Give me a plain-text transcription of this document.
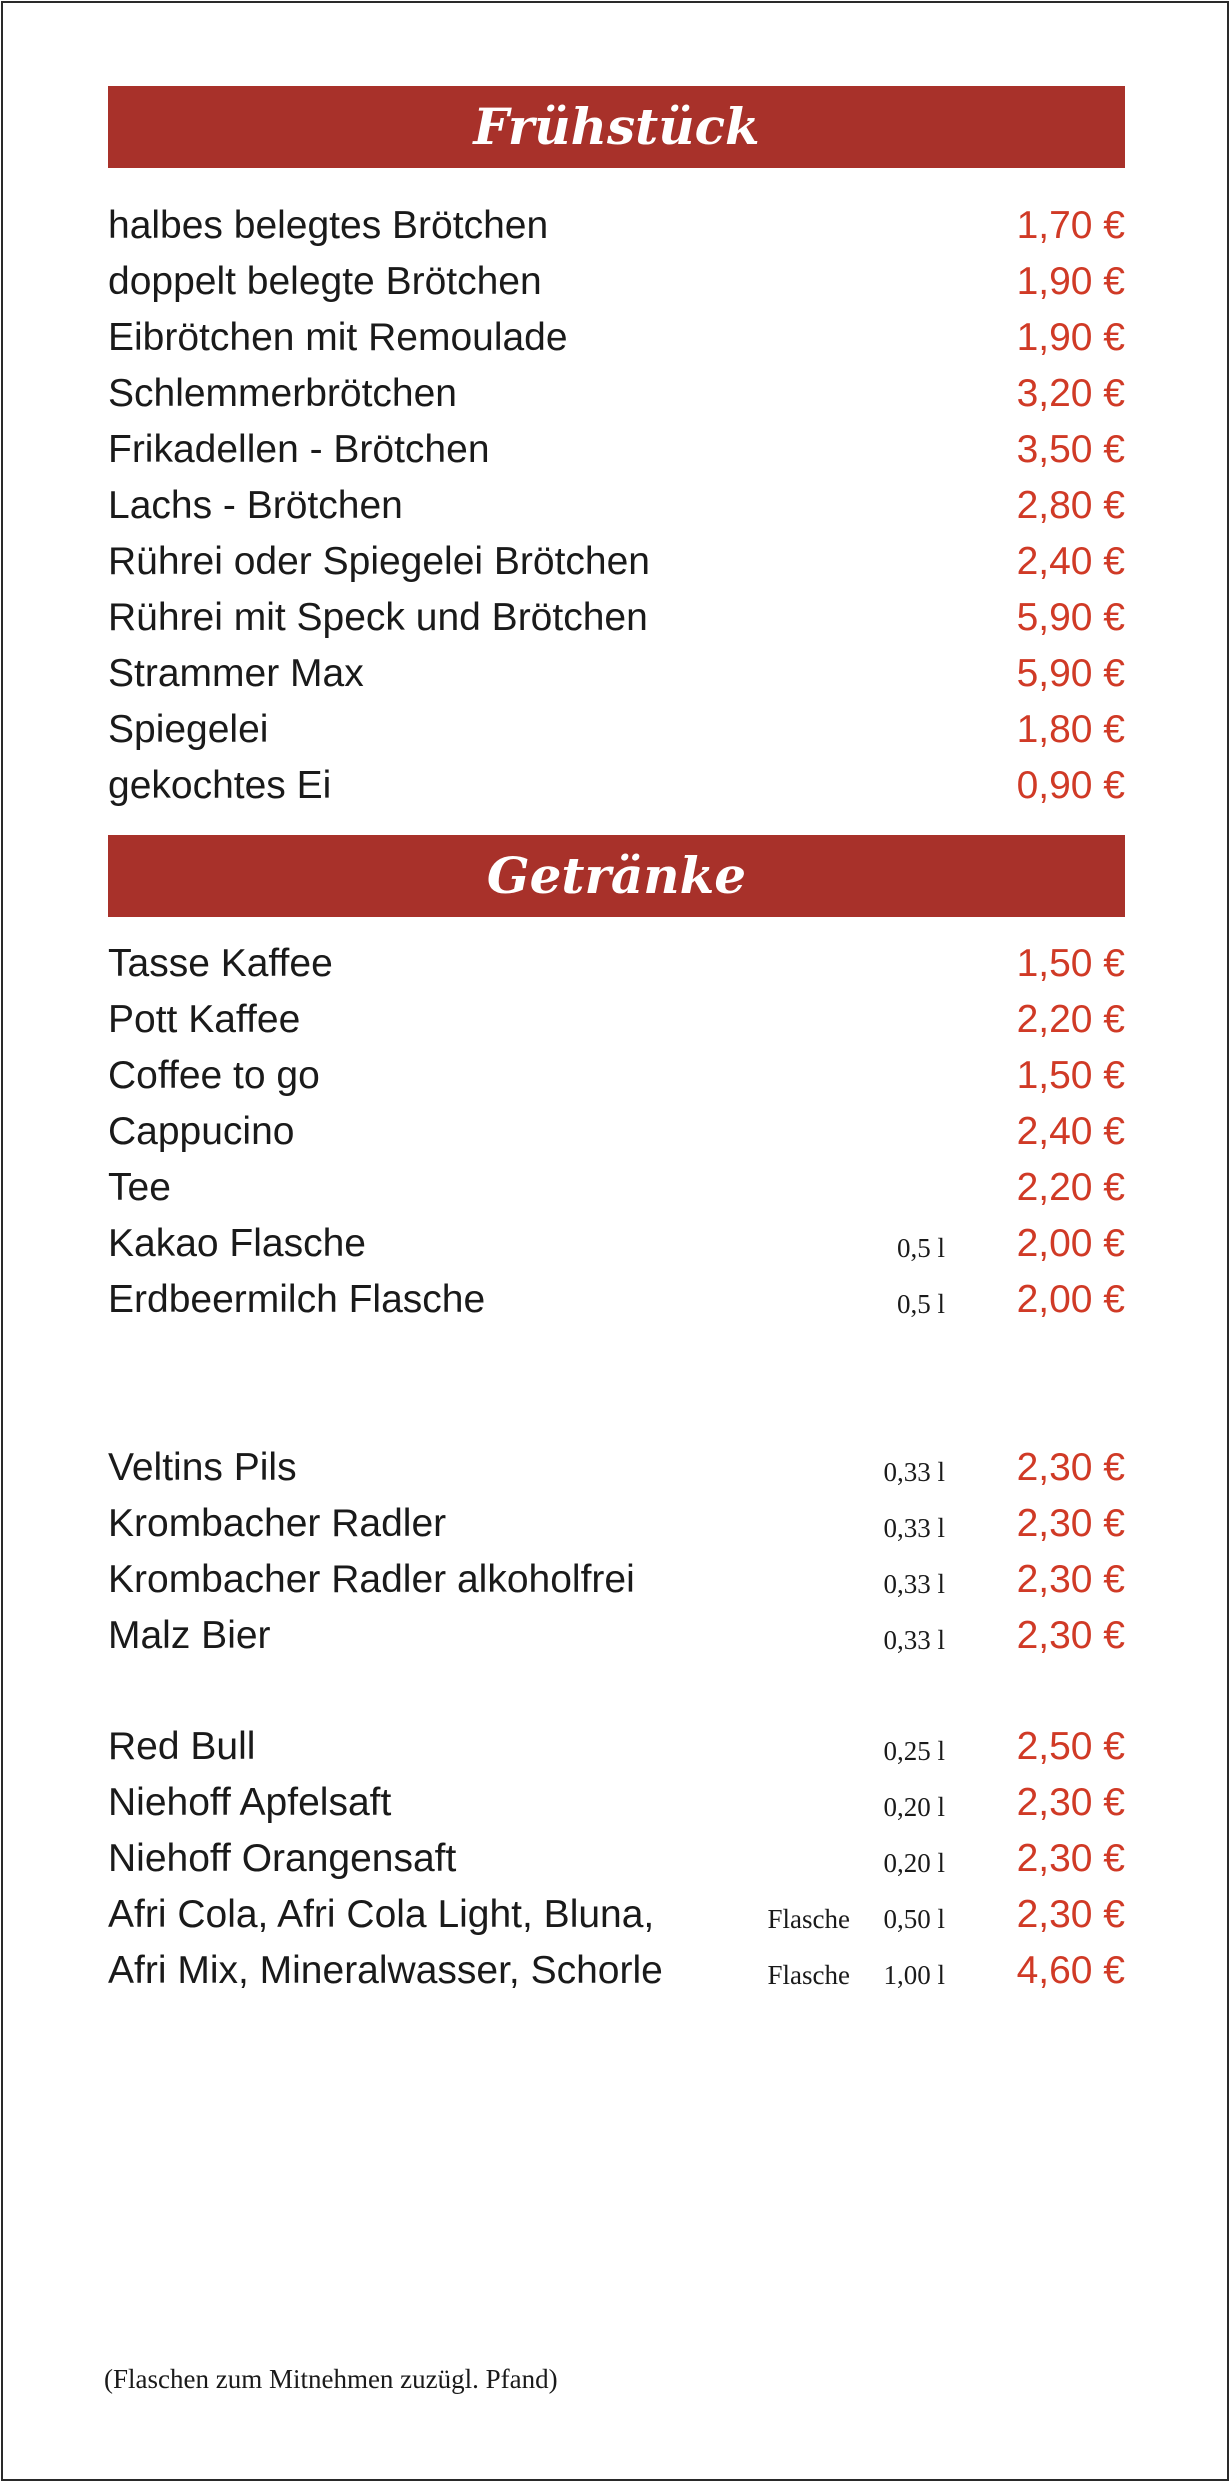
Frühstück
halbes belegtes Brötchen	1,70 €
doppelt belegte Brötchen	1,90 €
Eibrötchen mit Remoulade	1,90 €
Schlemmerbrötchen	3,20 €
Frikadellen - Brötchen	3,50 €
Lachs - Brötchen	2,80 €
Rührei oder Spiegelei Brötchen	2,40 €
Rührei mit Speck und Brötchen	5,90 €
Strammer Max	5,90 €
Spiegelei	1,80 €
gekochtes Ei	0,90 €
Getränke
Tasse Kaffee	1,50 €
Pott Kaffee	2,20 €
Coffee to go	1,50 €
Cappucino	2,40 €
Tee	2,20 €
Kakao Flasche	0,5 l 2,00 €
Erdbeermilch Flasche	0,5 l 2,00 €
Veltins Pils	0,33 l 2,30 €
Krombacher Radler	0,33 l 2,30 €
Krombacher Radler alkoholfrei	0,33 l 2,30 €
Malz Bier	0,33 l 2,30 €
Red Bull	0,25 l 2,50 €
Niehoff Apfelsaft	0,20 l 2,30 €
Niehoff Orangensaft	0,20 l 2,30 €
Afri Cola, Afri Cola Light, Bluna,	Flasche 0,50 l 2,30 €
Afri Mix, Mineralwasser, Schorle	Flasche 1,00 l 4,60 €
(Flaschen zum Mitnehmen zuzügl. Pfand)
